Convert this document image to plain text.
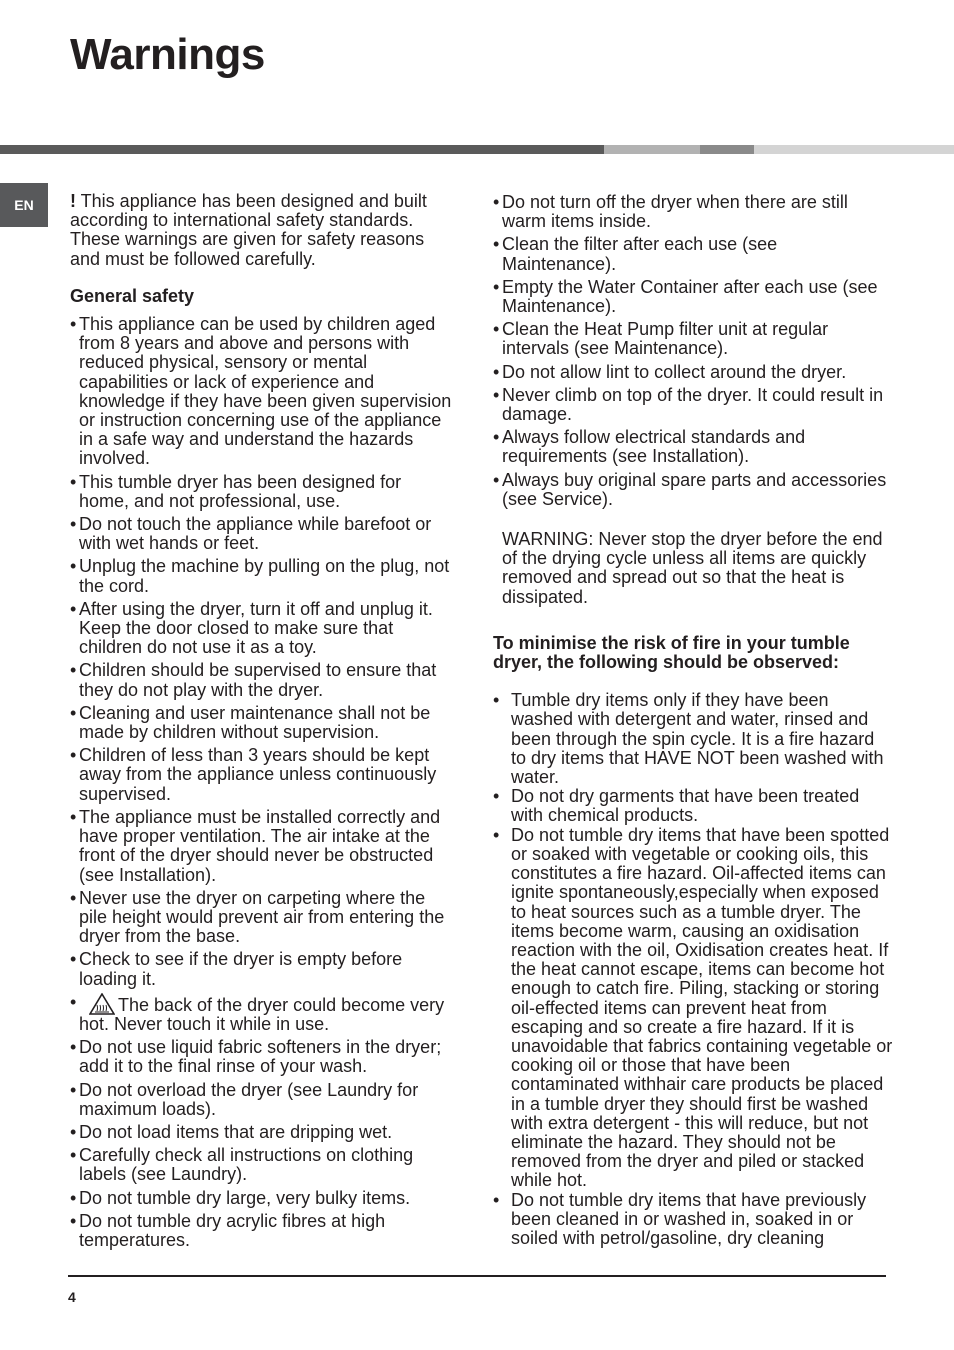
Warnings
EN	! This appliance has been designed and built according to international safety standards. These warnings are given for safety reasons and must be followed carefully.

General safety
• This appliance can be used by children aged from 8 years and above and persons with reduced physical, sensory or mental capabilities or lack of experience and knowledge if they have been given supervision or instruction concerning use of the appliance in a safe way and understand the hazards involved.
• This tumble dryer has been designed for home, and not professional, use.
• Do not touch the appliance while barefoot or with wet hands or feet.
• Unplug the machine by pulling on the plug, not the cord.
• After using the dryer, turn it off and unplug it. Keep the door closed to make sure that children do not use it as a toy.
• Children should be supervised to ensure that they do not play with the dryer.
• Cleaning and user maintenance shall not be made by children without supervision.
• Children of less than 3 years should be kept away from the appliance unless continuously supervised.
• The appliance must be installed correctly and have proper ventilation. The air intake at the front of the dryer should never be obstructed (see Installation).
• Never use the dryer on carpeting where the pile height would prevent air from entering the dryer from the base.
• Check to see if the dryer is empty before loading it.
• The back of the dryer could become very hot. Never touch it while in use.
• Do not use liquid fabric softeners in the dryer; add it to the final rinse of your wash.
• Do not overload the dryer (see Laundry for maximum loads).
• Do not load items that are dripping wet.
• Carefully check all instructions on clothing labels (see Laundry).
• Do not tumble dry large, very bulky items.
• Do not tumble dry acrylic fibres at high temperatures.
• Do not turn off the dryer when there are still warm items inside.
• Clean the filter after each use (see Maintenance).
• Empty the Water Container after each use (see Maintenance).
• Clean the Heat Pump filter unit at regular intervals (see Maintenance).
• Do not allow lint to collect around the dryer.
• Never climb on top of the dryer. It could result in damage.
• Always follow electrical standards and requirements (see Installation).
• Always buy original spare parts and accessories (see Service).

WARNING: Never stop the dryer before the end of the drying cycle unless all items are quickly removed and spread out so that the heat is dissipated.

To minimise the risk of fire in your tumble dryer, the following should be observed:
• Tumble dry items only if they have been washed with detergent and water, rinsed and been through the spin cycle. It is a fire hazard to dry items that HAVE NOT been washed with water.
• Do not dry garments that have been treated with chemical products.
• Do not tumble dry items that have been spotted or soaked with vegetable or cooking oils, this constitutes a fire hazard. Oil-affected items can ignite spontaneously,especially when exposed to heat sources such as a tumble dryer. The items become warm, causing an oxidisation reaction with the oil, Oxidisation creates heat. If the heat cannot escape, items can become hot enough to catch fire. Piling, stacking or storing oil-effected items can prevent heat from escaping and so create a fire hazard. If it is unavoidable that fabrics containing vegetable or cooking oil or those that have been contaminated withhair care products be placed in a tumble dryer they should first be washed with extra detergent - this will reduce, but not eliminate the hazard. They should not be removed from the dryer and piled or stacked while hot.
• Do not tumble dry items that have previously been cleaned in or washed in, soaked in or soiled with petrol/gasoline, dry cleaning
4
